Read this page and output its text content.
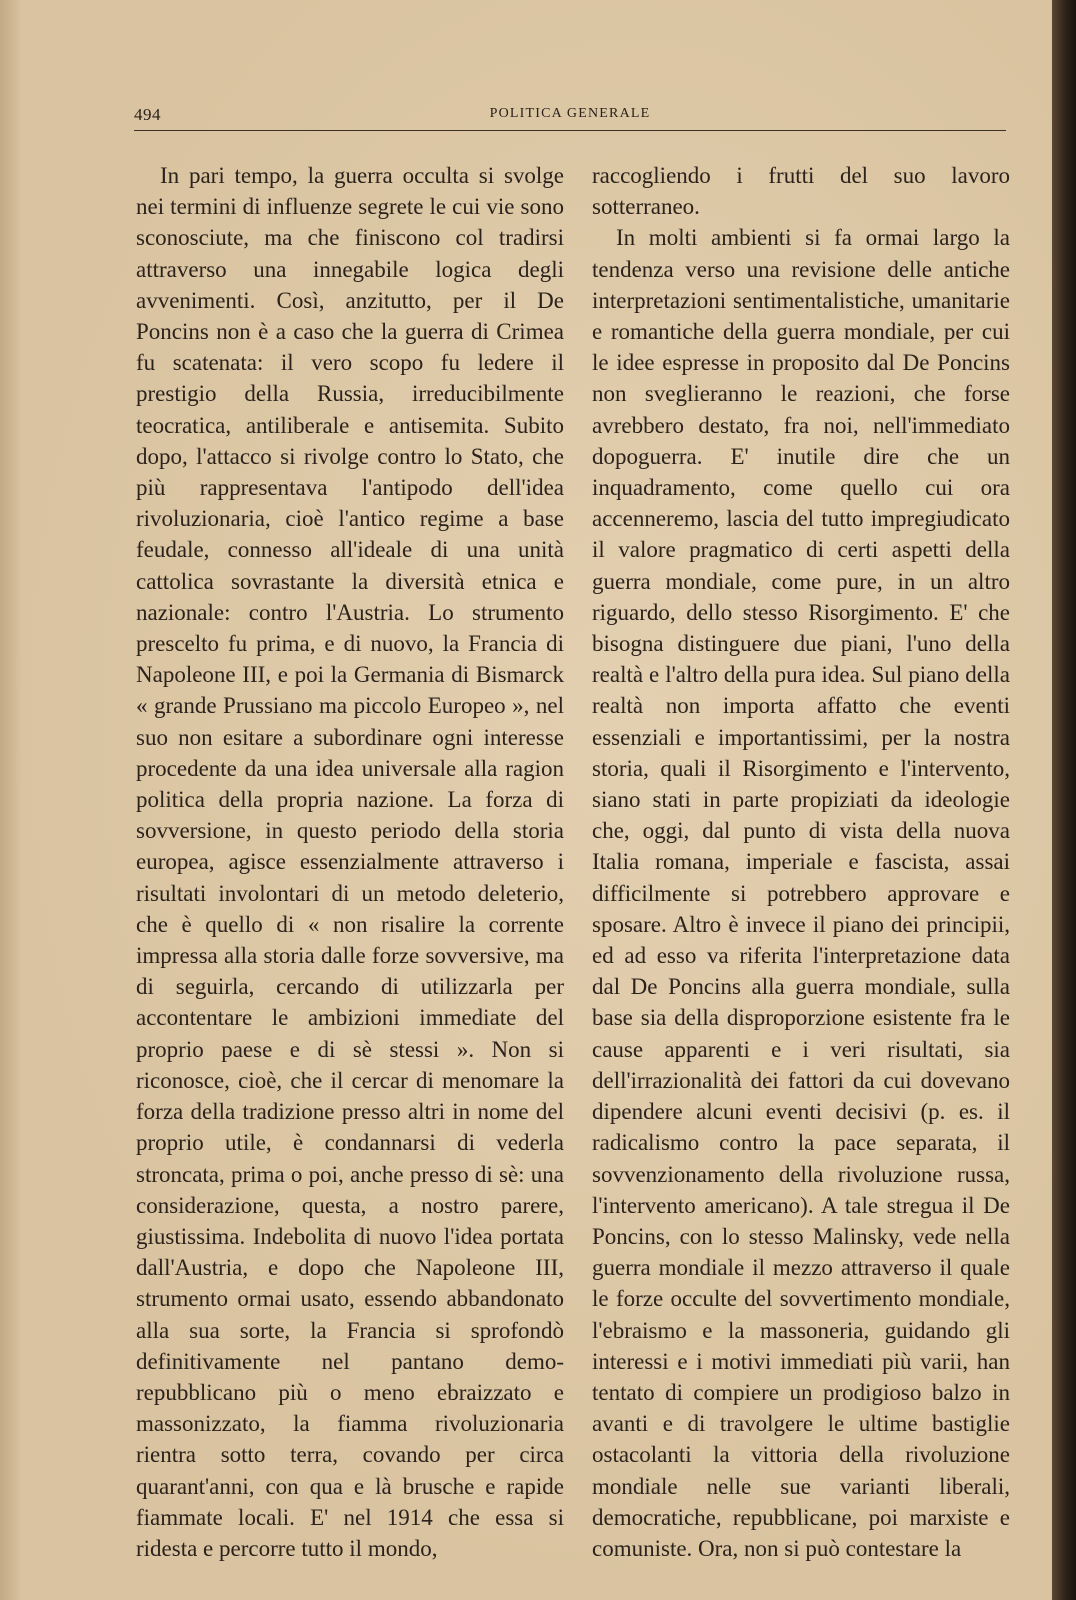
494	POLITICA GENERALE

In pari tempo, la guerra occulta si svolge nei termini di influenze segrete le cui vie sono sconosciute, ma che finiscono col tradirsi attraverso una innegabile logica degli avvenimenti. Così, anzitutto, per il De Poncins non è a caso che la guerra di Crimea fu scatenata: il vero scopo fu ledere il prestigio della Russia, irreducibilmente teocratica, antiliberale e antisemita. Subito dopo, l'attacco si rivolge contro lo Stato, che più rappresentava l'antipodo dell'idea rivoluzionaria, cioè l'antico regime a base feudale, connesso all'ideale di una unità cattolica sovrastante la diversità etnica e nazionale: contro l'Austria. Lo strumento prescelto fu prima, e di nuovo, la Francia di Napoleone III, e poi la Germania di Bismarck « grande Prussiano ma piccolo Europeo », nel suo non esitare a subordinare ogni interesse procedente da una idea universale alla ragion politica della propria nazione. La forza di sovversione, in questo periodo della storia europea, agisce essenzialmente attraverso i risultati involontari di un metodo deleterio, che è quello di « non risalire la corrente impressa alla storia dalle forze sovversive, ma di seguirla, cercando di utilizzarla per accontentare le ambizioni immediate del proprio paese e di sè stessi ». Non si riconosce, cioè, che il cercar di menomare la forza della tradizione presso altri in nome del proprio utile, è condannarsi di vederla stroncata, prima o poi, anche presso di sè: una considerazione, questa, a nostro parere, giustissima. Indebolita di nuovo l'idea portata dall'Austria, e dopo che Napoleone III, strumento ormai usato, essendo abbandonato alla sua sorte, la Francia si sprofondò definitivamente nel pantano demo-repubblicano più o meno ebraizzato e massonizzato, la fiamma rivoluzionaria rientra sotto terra, covando per circa quarant'anni, con qua e là brusche e rapide fiammate locali. E' nel 1914 che essa si ridesta e percorre tutto il mondo,

raccogliendo i frutti del suo lavoro sotterraneo.

In molti ambienti si fa ormai largo la tendenza verso una revisione delle antiche interpretazioni sentimentalistiche, umanitarie e romantiche della guerra mondiale, per cui le idee espresse in proposito dal De Poncins non sveglieranno le reazioni, che forse avrebbero destato, fra noi, nell'immediato dopoguerra. E' inutile dire che un inquadramento, come quello cui ora accenneremo, lascia del tutto impregiudicato il valore pragmatico di certi aspetti della guerra mondiale, come pure, in un altro riguardo, dello stesso Risorgimento. E' che bisogna distinguere due piani, l'uno della realtà e l'altro della pura idea. Sul piano della realtà non importa affatto che eventi essenziali e importantissimi, per la nostra storia, quali il Risorgimento e l'intervento, siano stati in parte propiziati da ideologie che, oggi, dal punto di vista della nuova Italia romana, imperiale e fascista, assai difficilmente si potrebbero approvare e sposare. Altro è invece il piano dei principii, ed ad esso va riferita l'interpretazione data dal De Poncins alla guerra mondiale, sulla base sia della disproporzione esistente fra le cause apparenti e i veri risultati, sia dell'irrazionalità dei fattori da cui dovevano dipendere alcuni eventi decisivi (p. es. il radicalismo contro la pace separata, il sovvenzionamento della rivoluzione russa, l'intervento americano). A tale stregua il De Poncins, con lo stesso Malinsky, vede nella guerra mondiale il mezzo attraverso il quale le forze occulte del sovvertimento mondiale, l'ebraismo e la massoneria, guidando gli interessi e i motivi immediati più varii, han tentato di compiere un prodigioso balzo in avanti e di travolgere le ultime bastiglie ostacolanti la vittoria della rivoluzione mondiale nelle sue varianti liberali, democratiche, repubblicane, poi marxiste e comuniste. Ora, non si può contestare la
